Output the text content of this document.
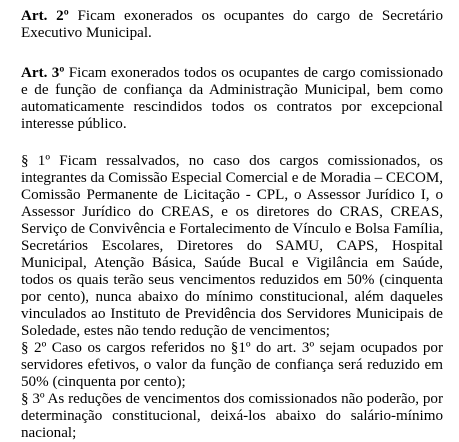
Art. 2º Ficam exonerados os ocupantes do cargo de Secretário
Executivo Municipal.
Art. 3º Ficam exonerados todos os ocupantes de cargo comissionado
e de função de confiança da Administração Municipal, bem como
automaticamente rescindidos todos os contratos por excepcional
interesse público.
§ 1º Ficam ressalvados, no caso dos cargos comissionados, os
integrantes da Comissão Especial Comercial e de Moradia – CECOM,
Comissão Permanente de Licitação - CPL, o Assessor Jurídico I, o
Assessor Jurídico do CREAS, e os diretores do CRAS, CREAS,
Serviço de Convivência e Fortalecimento de Vínculo e Bolsa Família,
Secretários Escolares, Diretores do SAMU, CAPS, Hospital
Municipal, Atenção Básica, Saúde Bucal e Vigilância em Saúde,
todos os quais terão seus vencimentos reduzidos em 50% (cinquenta
por cento), nunca abaixo do mínimo constitucional, além daqueles
vinculados ao Instituto de Previdência dos Servidores Municipais de
Soledade, estes não tendo redução de vencimentos;
§ 2º Caso os cargos referidos no §1º do art. 3º sejam ocupados por
servidores efetivos, o valor da função de confiança será reduzido em
50% (cinquenta por cento);
§ 3º As reduções de vencimentos dos comissionados não poderão, por
determinação constitucional, deixá-los abaixo do salário-mínimo
nacional;
